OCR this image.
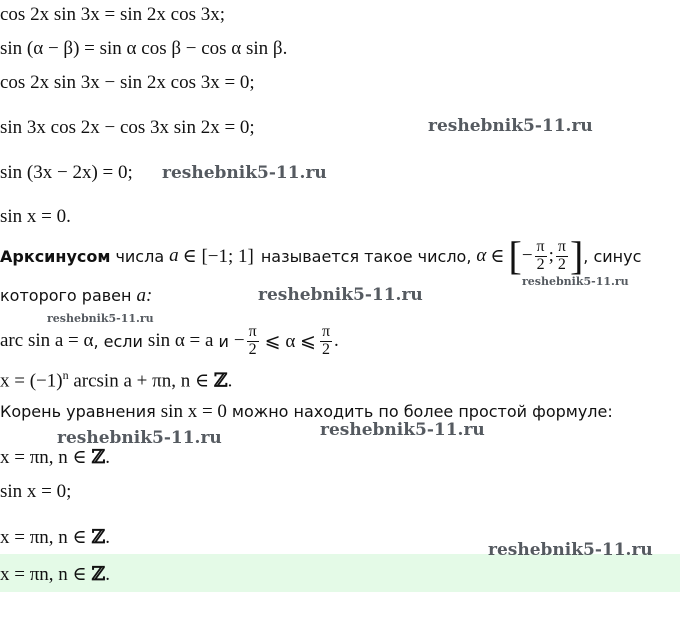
cos 2x sin 3x = sin 2x cos 3x;
sin (α − β) = sin α cos β − cos α sin β.
cos 2x sin 3x − sin 2x cos 3x = 0;
sin 3x cos 2x − cos 3x sin 2x = 0;
sin (3x − 2x) = 0;
sin x = 0.
Арксинусом числа a ∈ [−1; 1] называется такое число, α ∈ [ − $\frac{\pi}{2}$ ; $\frac{\pi}{2}$ ] , синус
которого равен a:
arc sin a = α , если sin α = a $и - \frac{\pi}{2}$ ⩽ α ⩽ $\frac{\pi}{2}$ .
$x = (-1)^n$ arcsin a + πn, n ∈ ℤ.
Корень уравнения sin x = 0 можно находить по более простой формуле:
x = πn, n ∈ ℤ.
sin x = 0;
x = πn, n ∈ ℤ.
x = πn, n ∈ ℤ.
reshebnik5-11.ru
reshebnik5-11.ru
reshebnik5-11.ru
reshebnik5-11.ru
reshebnik5-11.ru
reshebnik5-11.ru
reshebnik5-11.ru
reshebnik5-11.ru
